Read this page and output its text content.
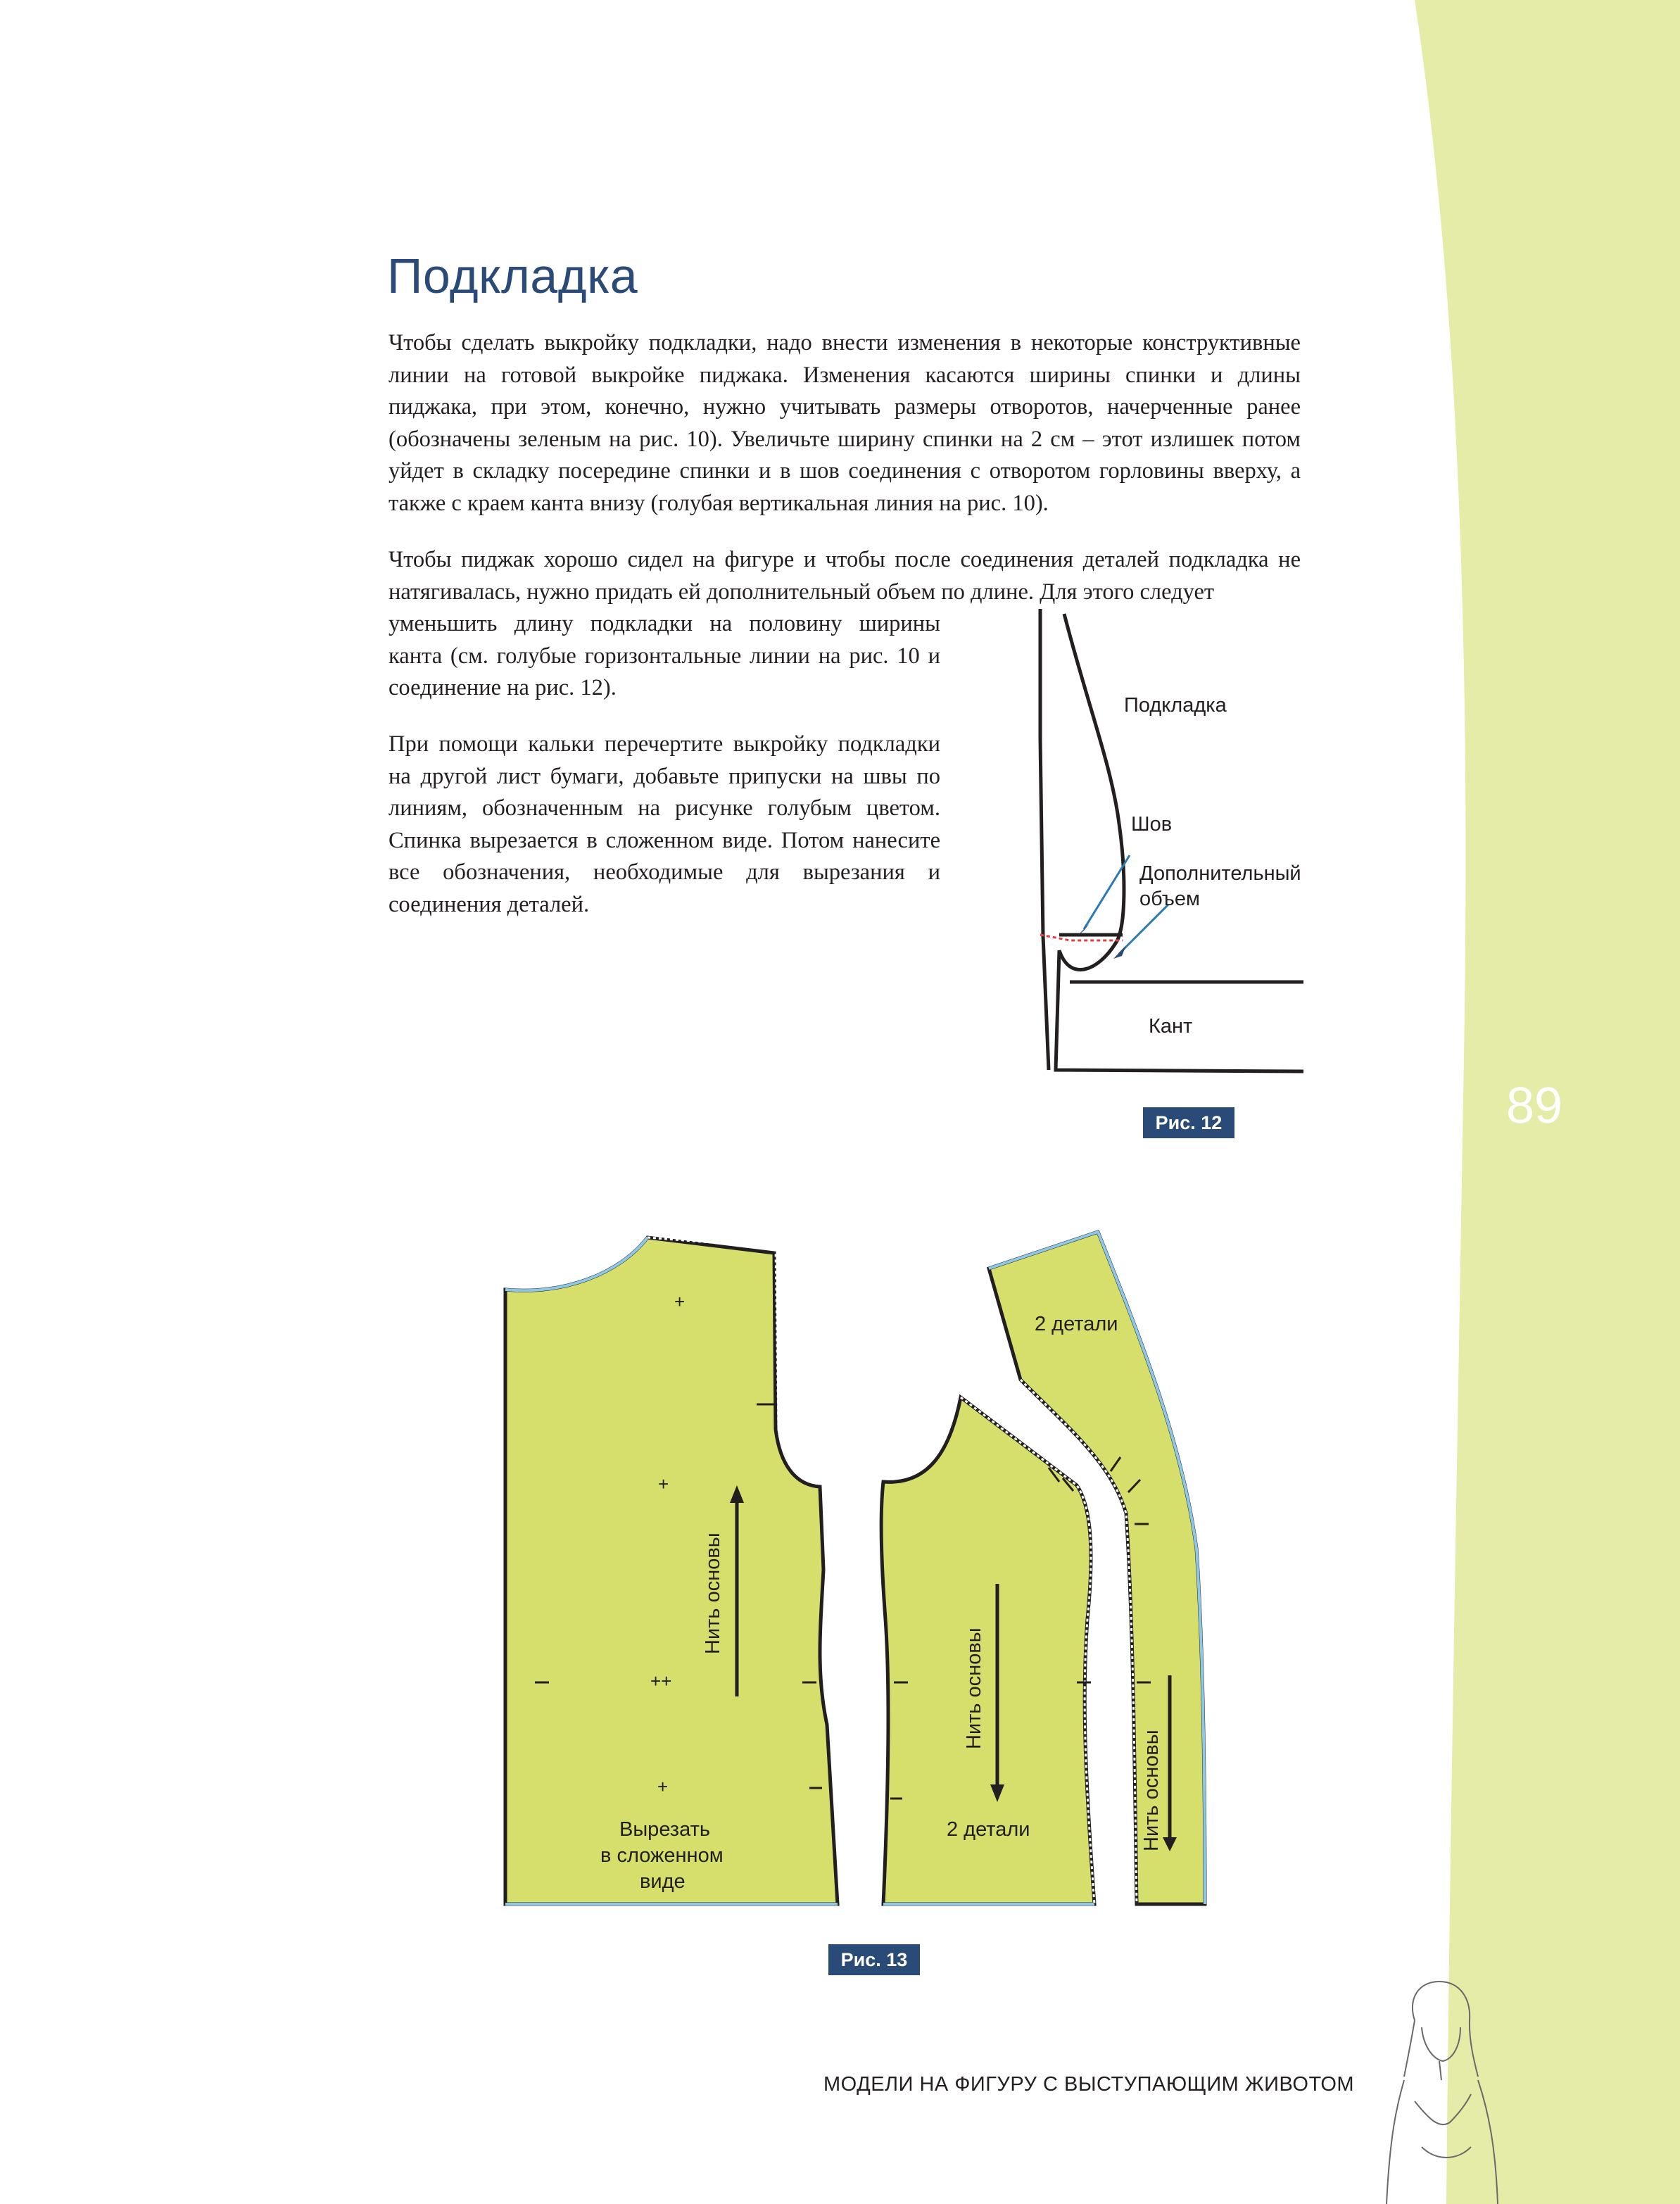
89
Подкладка

Чтобы сделать выкройку подкладки, надо внести изменения в некоторые конструктивные линии на готовой выкройке пиджака. Изменения касаются ширины спинки и длины пиджака, при этом, конечно, нужно учитывать размеры отворотов, начерченные ранее (обозначены зеленым на рис. 10). Увеличьте ширину спинки на 2 см – этот излишек потом уйдет в складку посередине спинки и в шов соединения с отворотом горловины вверху, а также с краем канта внизу (голубая вертикальная линия на рис. 10).

Чтобы пиджак хорошо сидел на фигуре и чтобы после соединения деталей подкладка не натягивалась, нужно придать ей дополнительный объем по длине. Для этого следует

уменьшить длину подкладки на половину ширины канта (см. голубые горизонтальные линии на рис. 10 и соединение на рис. 12).

При помощи кальки перечертите выкройку подкладки на другой лист бумаги, добавьте припуски на швы по линиям, обозначенным на рисунке голубым цветом. Спинка вырезается в сложенном виде. Потом нанесите все обозначения, необходимые для вырезания и соединения деталей.

Подкладка
Шов
Дополнительный
объем
Кант
Рис. 12
+
+
++
+
Нить основы
Вырезать
в сложенном
виде
Нить основы
2 детали	Нить основы
2 детали
Рис. 13
МОДЕЛИ НА ФИГУРУ С ВЫСТУПАЮЩИМ ЖИВОТОМ
